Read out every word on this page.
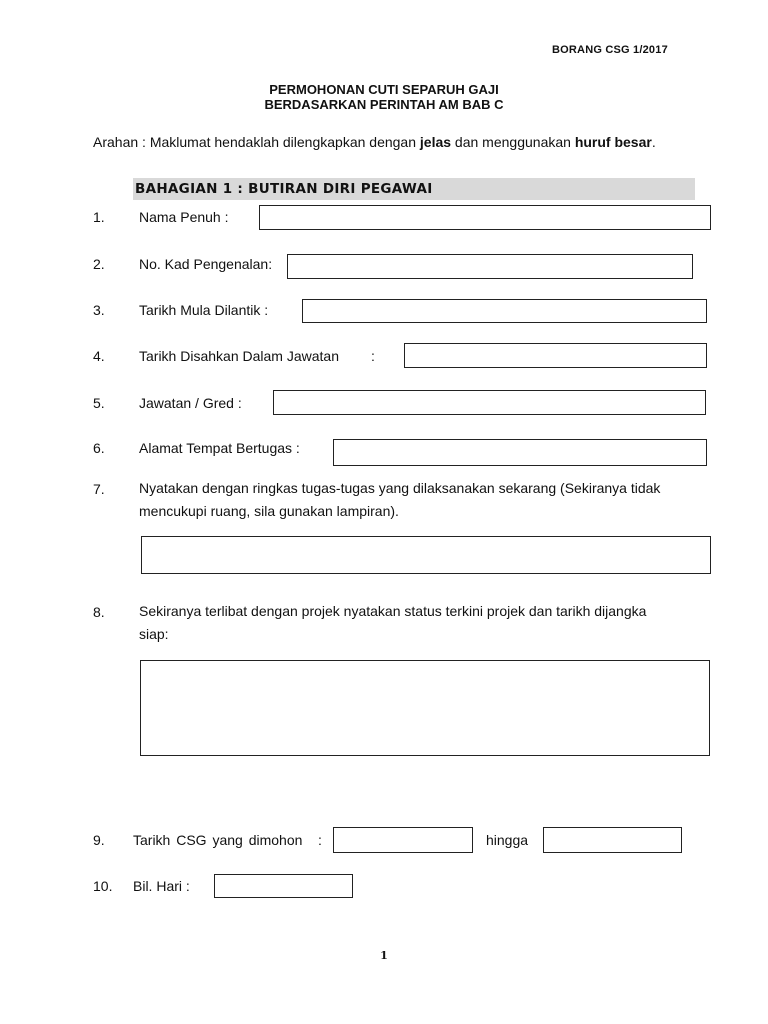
BORANG CSG 1/2017
PERMOHONAN CUTI SEPARUH GAJI
BERDASARKAN PERINTAH AM BAB C
Arahan : Maklumat hendaklah dilengkapkan dengan jelas dan menggunakan huruf besar.
BAHAGIAN 1 : BUTIRAN DIRI PEGAWAI
1. Nama Penuh :
2. No. Kad Pengenalan:
3. Tarikh Mula Dilantik :
4. Tarikh Disahkan Dalam Jawatan :
5. Jawatan / Gred :
6. Alamat Tempat Bertugas :
7. Nyatakan dengan ringkas tugas-tugas yang dilaksanakan sekarang (Sekiranya tidak
mencukupi ruang, sila gunakan lampiran).
8. Sekiranya terlibat dengan projek nyatakan status terkini projek dan tarikh dijangka
siap:
9. Tarikh CSG yang dimohon :	hingga
10. Bil. Hari :
1
